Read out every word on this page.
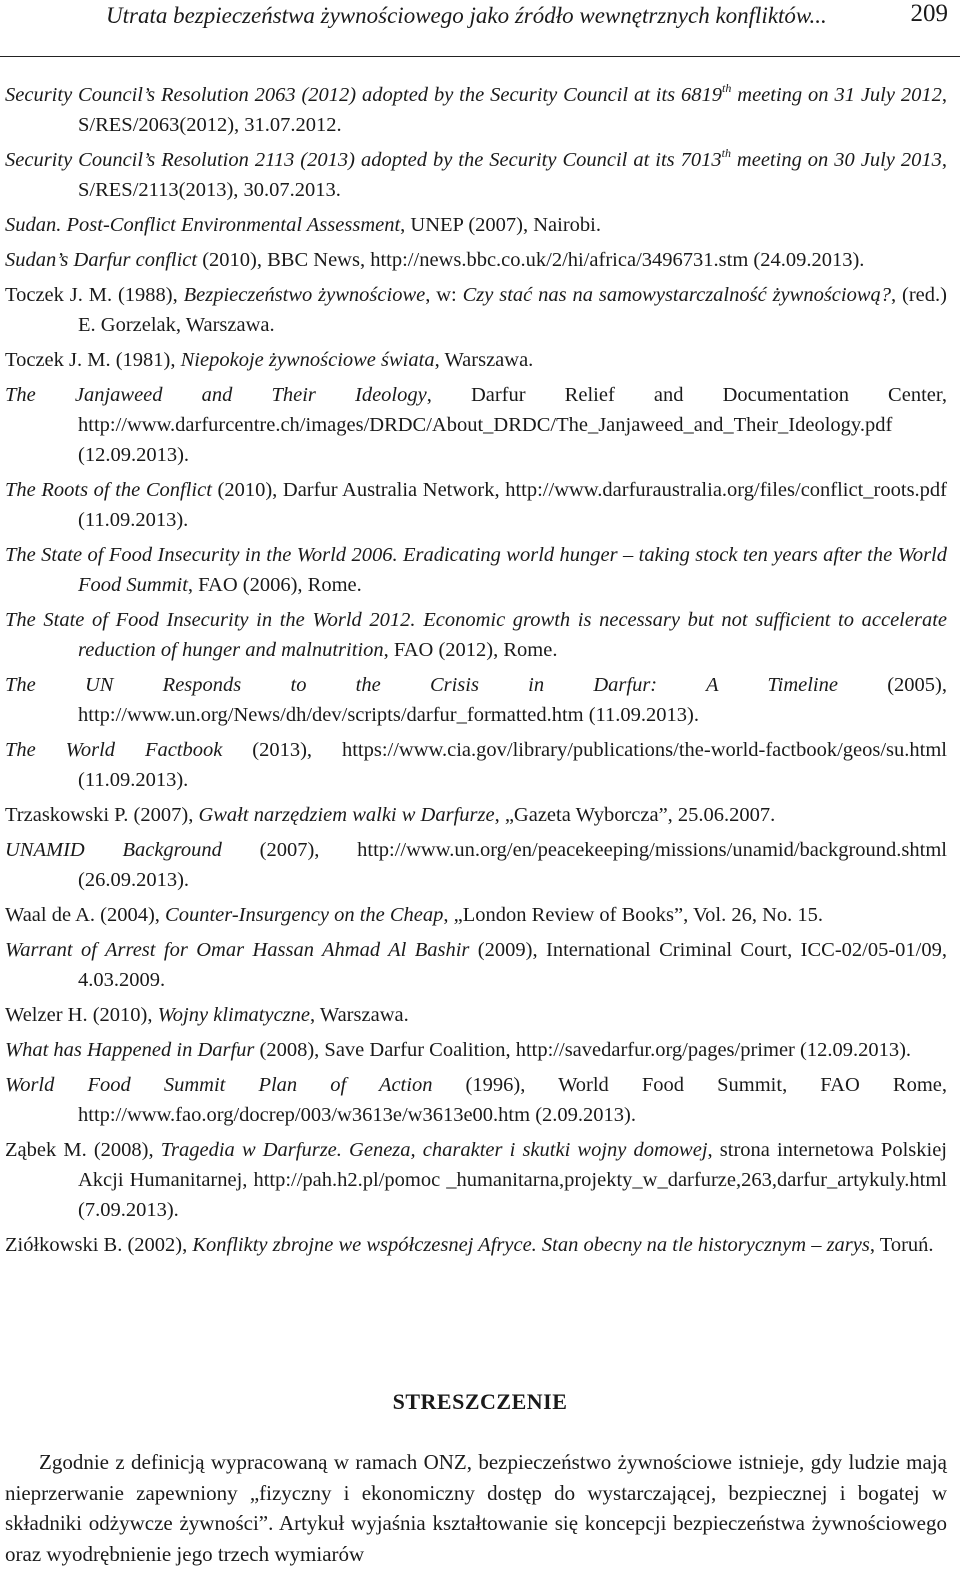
Utrata bezpieczeństwa żywnościowego jako źródło wewnętrznych konfliktów...	209

Security Council’s Resolution 2063 (2012) adopted by the Security Council at its 6819th meeting on 31 July 2012, S/RES/2063(2012), 31.07.2012.

Security Council’s Resolution 2113 (2013) adopted by the Security Council at its 7013th meeting on 30 July 2013, S/RES/2113(2013), 30.07.2013.

Sudan. Post-Conflict Environmental Assessment, UNEP (2007), Nairobi.

Sudan’s Darfur conflict (2010), BBC News, http://news.bbc.co.uk/2/hi/africa/3496731.stm (24.09.2013).

Toczek J. M. (1988), Bezpieczeństwo żywnościowe, w: Czy stać nas na samowystarczalność żywnościową?, (red.) E. Gorzelak, Warszawa.

Toczek J. M. (1981), Niepokoje żywnościowe świata, Warszawa.

The Janjaweed and Their Ideology, Darfur Relief and Documentation Center, http://www.darfurcentre.ch/images/DRDC/About_DRDC/The_Janjaweed_and_Their_Ideology.pdf (12.09.2013).

The Roots of the Conflict (2010), Darfur Australia Network, http://www.darfuraustralia.org/files/conflict_roots.pdf (11.09.2013).

The State of Food Insecurity in the World 2006. Eradicating world hunger – taking stock ten years after the World Food Summit, FAO (2006), Rome.

The State of Food Insecurity in the World 2012. Economic growth is necessary but not sufficient to accelerate reduction of hunger and malnutrition, FAO (2012), Rome.

The UN Responds to the Crisis in Darfur: A Timeline (2005), http://www.un.org/News/dh/dev/scripts/darfur_formatted.htm (11.09.2013).

The World Factbook (2013), https://www.cia.gov/library/publications/the-world-factbook/geos/su.html (11.09.2013).

Trzaskowski P. (2007), Gwałt narzędziem walki w Darfurze, „Gazeta Wyborcza”, 25.06.2007.

UNAMID Background (2007), http://www.un.org/en/peacekeeping/missions/unamid/background.shtml (26.09.2013).

Waal de A. (2004), Counter-Insurgency on the Cheap, „London Review of Books”, Vol. 26, No. 15.

Warrant of Arrest for Omar Hassan Ahmad Al Bashir (2009), International Criminal Court, ICC-02/05-01/09, 4.03.2009.

Welzer H. (2010), Wojny klimatyczne, Warszawa.

What has Happened in Darfur (2008), Save Darfur Coalition, http://savedarfur.org/pages/primer (12.09.2013).

World Food Summit Plan of Action (1996), World Food Summit, FAO Rome, http://www.fao.org/docrep/003/w3613e/w3613e00.htm (2.09.2013).

Ząbek M. (2008), Tragedia w Darfurze. Geneza, charakter i skutki wojny domowej, strona internetowa Polskiej Akcji Humanitarnej, http://pah.h2.pl/pomoc _humanitarna,projekty_w_darfurze,263,darfur_artykuly.html (7.09.2013).

Ziółkowski B. (2002), Konflikty zbrojne we współczesnej Afryce. Stan obecny na tle historycznym – zarys, Toruń.

STRESZCZENIE

Zgodnie z definicją wypracowaną w ramach ONZ, bezpieczeństwo żywnościowe istnieje, gdy ludzie mają nieprzerwanie zapewniony „fizyczny i ekonomiczny dostęp do wystarczającej, bezpiecznej i bogatej w składniki odżywcze żywności”. Artykuł wyjaśnia kształtowanie się koncepcji bezpieczeństwa żywnościowego oraz wyodrębnienie jego trzech wymiarów
